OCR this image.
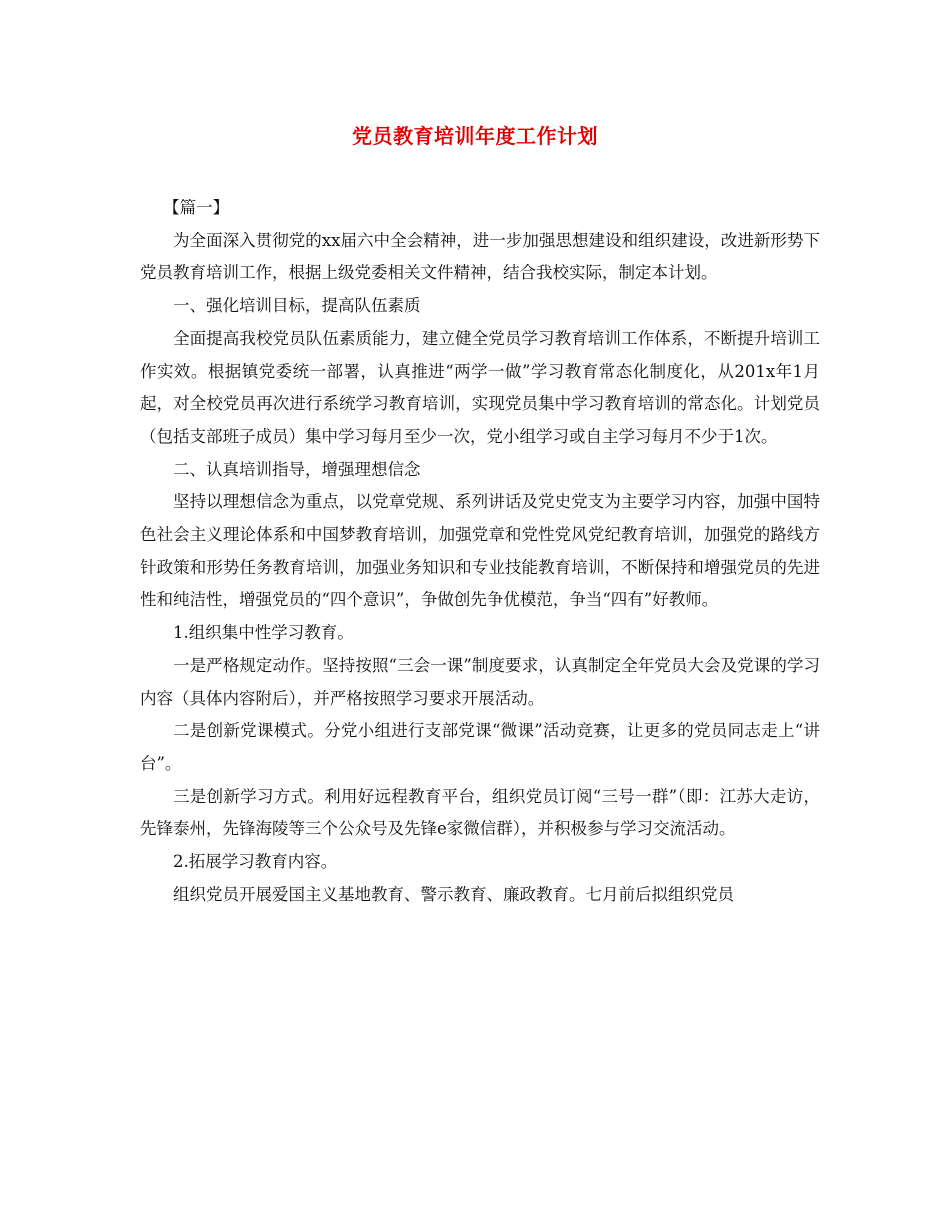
党员教育培训年度工作计划

【篇一】

为全面深入贯彻党的xx届六中全会精神，进一步加强思想建设和组织建设，改进新形势下党员教育培训工作，根据上级党委相关文件精神，结合我校实际，制定本计划。

一、强化培训目标，提高队伍素质

全面提高我校党员队伍素质能力，建立健全党员学习教育培训工作体系，不断提升培训工作实效。根据镇党委统一部署，认真推进“两学一做”学习教育常态化制度化，从201x年1月起，对全校党员再次进行系统学习教育培训，实现党员集中学习教育培训的常态化。计划党员（包括支部班子成员）集中学习每月至少一次，党小组学习或自主学习每月不少于1次。

二、认真培训指导，增强理想信念

坚持以理想信念为重点，以党章党规、系列讲话及党史党支为主要学习内容，加强中国特色社会主义理论体系和中国梦教育培训，加强党章和党性党风党纪教育培训，加强党的路线方针政策和形势任务教育培训，加强业务知识和专业技能教育培训，不断保持和增强党员的先进性和纯洁性，增强党员的“四个意识”，争做创先争优模范，争当“四有”好教师。

1.组织集中性学习教育。

一是严格规定动作。坚持按照“三会一课”制度要求，认真制定全年党员大会及党课的学习内容（具体内容附后），并严格按照学习要求开展活动。

二是创新党课模式。分党小组进行支部党课“微课”活动竞赛，让更多的党员同志走上“讲台”。

三是创新学习方式。利用好远程教育平台，组织党员订阅“三号一群”（即：江苏大走访，先锋泰州，先锋海陵等三个公众号及先锋e家微信群），并积极参与学习交流活动。

2.拓展学习教育内容。

组织党员开展爱国主义基地教育、警示教育、廉政教育。七月前后拟组织党员
